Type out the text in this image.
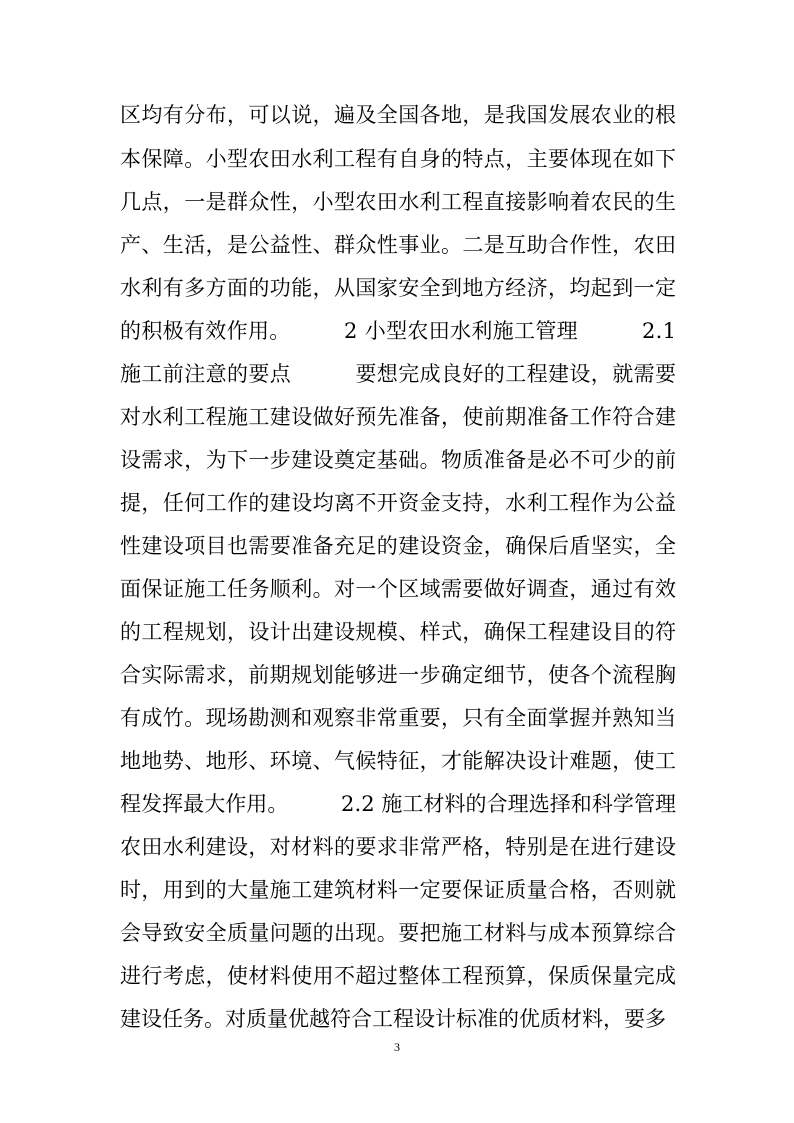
区均有分布，可以说，遍及全国各地，是我国发展农业的根
本保障。小型农田水利工程有自身的特点，主要体现在如下
几点，一是群众性，小型农田水利工程直接影响着农民的生
产、生活，是公益性、群众性事业。二是互助合作性，农田
水利有多方面的功能，从国家安全到地方经济，均起到一定
的积极有效作用。　　　2 小型农田水利施工管理　　　2.1
施工前注意的要点　　　要想完成良好的工程建设，就需要
对水利工程施工建设做好预先准备，使前期准备工作符合建
设需求，为下一步建设奠定基础。物质准备是必不可少的前
提，任何工作的建设均离不开资金支持，水利工程作为公益
性建设项目也需要准备充足的建设资金，确保后盾坚实，全
面保证施工任务顺利。对一个区域需要做好调查，通过有效
的工程规划，设计出建设规模、样式，确保工程建设目的符
合实际需求，前期规划能够进一步确定细节，使各个流程胸
有成竹。现场勘测和观察非常重要，只有全面掌握并熟知当
地地势、地形、环境、气候特征，才能解决设计难题，使工
程发挥最大作用。　　　2.2 施工材料的合理选择和科学管理
农田水利建设，对材料的要求非常严格，特别是在进行建设
时，用到的大量施工建筑材料一定要保证质量合格，否则就
会导致安全质量问题的出现。要把施工材料与成本预算综合
进行考虑，使材料使用不超过整体工程预算，保质保量完成
建设任务。对质量优越符合工程设计标准的优质材料，要多
3
